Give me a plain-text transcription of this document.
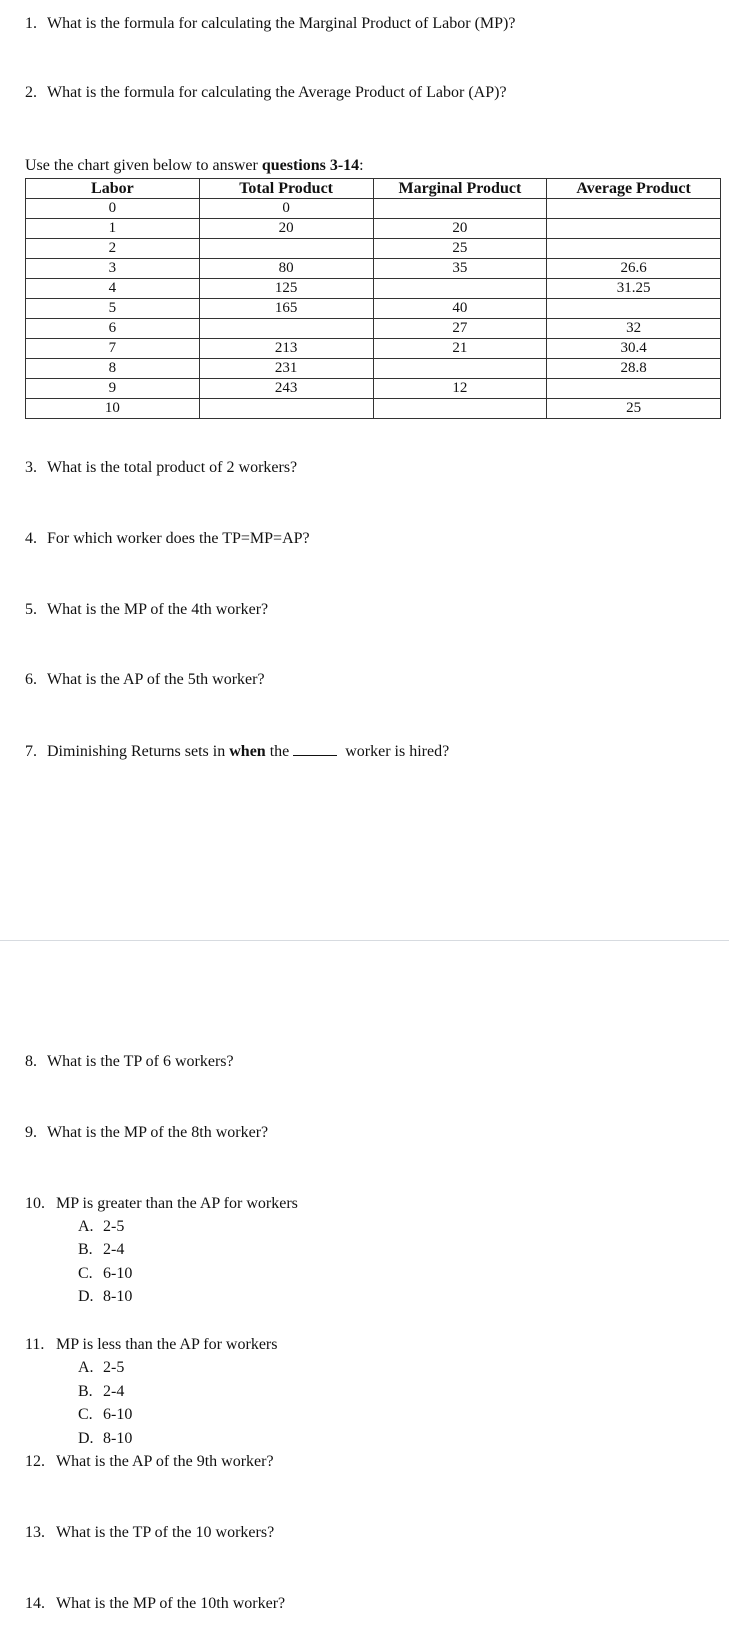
1. What is the formula for calculating the Marginal Product of Labor (MP)?
2. What is the formula for calculating the Average Product of Labor (AP)?
Use the chart given below to answer questions 3-14:
Labor	Total Product	Marginal Product	Average Product
0	0		
1	20	20	
2		25	
3	80	35	26.6
4	125		31.25
5	165	40	
6		27	32
7	213	21	30.4
8	231		28.8
9	243	12	
10			25
3. What is the total product of 2 workers?
4. For which worker does the TP=MP=AP?
5. What is the MP of the 4th worker?
6. What is the AP of the 5th worker?
7. Diminishing Returns sets in when the	worker is hired?
8. What is the TP of 6 workers?
9. What is the MP of the 8th worker?
10. MP is greater than the AP for workers
A. 2-5
B. 2-4
C. 6-10
D. 8-10
11. MP is less than the AP for workers
A. 2-5
B. 2-4
C. 6-10
D. 8-10
12. What is the AP of the 9th worker?
13. What is the TP of the 10 workers?
14. What is the MP of the 10th worker?
